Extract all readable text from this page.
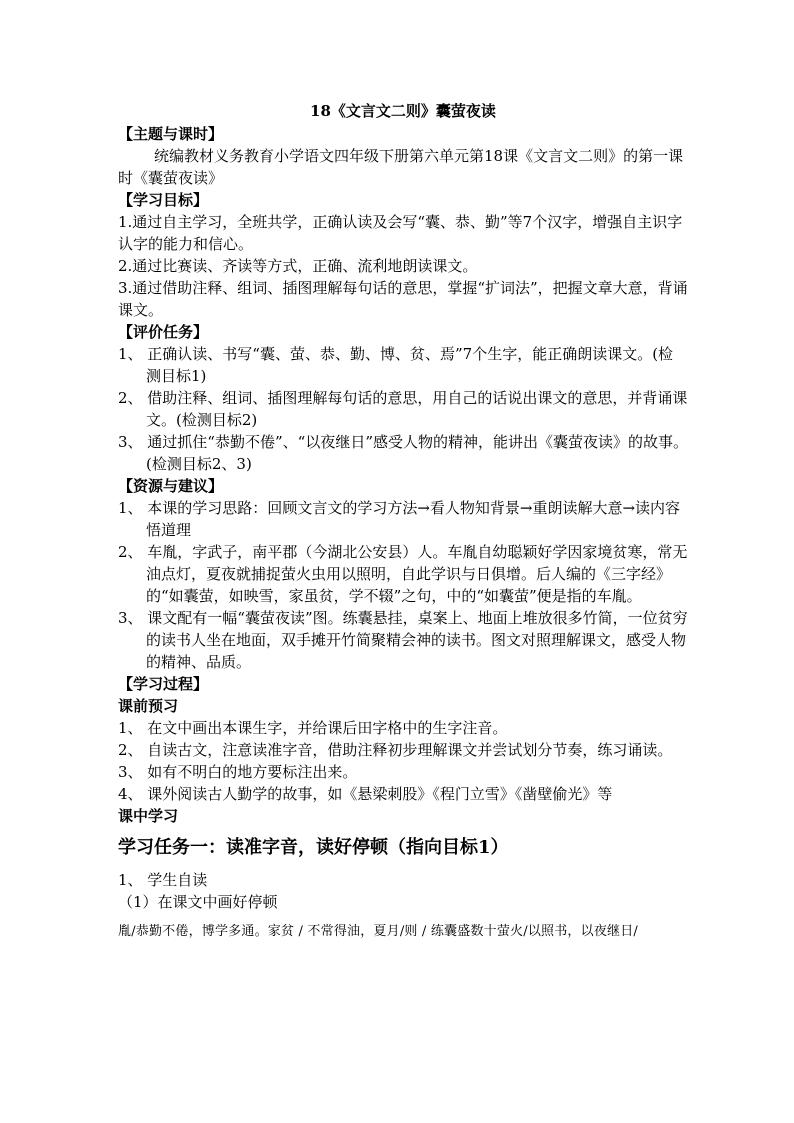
18《文言文二则》囊萤夜读

【主题与课时】

统编教材义务教育小学语文四年级下册第六单元第18课《文言文二则》的第一课时《囊萤夜读》

【学习目标】

1.通过自主学习，全班共学，正确认读及会写“囊、恭、勤”等7个汉字，增强自主识字认字的能力和信心。

2.通过比赛读、齐读等方式，正确、流利地朗读课文。

3.通过借助注释、组词、插图理解每句话的意思，掌握“扩词法”，把握文章大意，背诵课文。

【评价任务】

1、 正确认读、书写“囊、萤、恭、勤、博、贫、焉”7个生字，能正确朗读课文。(检测目标1)

2、 借助注释、组词、插图理解每句话的意思，用自己的话说出课文的意思，并背诵课文。(检测目标2)

3、 通过抓住“恭勤不倦”、“以夜继日”感受人物的精神，能讲出《囊萤夜读》的故事。(检测目标2、3)

【资源与建议】

1、 本课的学习思路：回顾文言文的学习方法→看人物知背景→重朗读解大意→读内容悟道理

2、 车胤，字武子，南平郡（今湖北公安县）人。车胤自幼聪颖好学因家境贫寒，常无油点灯，夏夜就捕捉萤火虫用以照明，自此学识与日俱增。后人编的《三字经》的“如囊萤，如映雪，家虽贫，学不辍”之句，中的“如囊萤”便是指的车胤。

3、 课文配有一幅“囊萤夜读”图。练囊悬挂，桌案上、地面上堆放很多竹简，一位贫穷的读书人坐在地面，双手摊开竹简聚精会神的读书。图文对照理解课文，感受人物的精神、品质。

【学习过程】

课前预习

1、 在文中画出本课生字，并给课后田字格中的生字注音。

2、 自读古文，注意读准字音，借助注释初步理解课文并尝试划分节奏，练习诵读。

3、 如有不明白的地方要标注出来。

4、 课外阅读古人勤学的故事，如《悬梁刺股》《程门立雪》《凿壁偷光》等

课中学习

学习任务一：读准字音，读好停顿（指向目标1）

1、 学生自读

（1）在课文中画好停顿

胤/恭勤不倦，博学多通。家贫 / 不常得油，夏月/则 / 练囊盛数十萤火/以照书，以夜继日/
